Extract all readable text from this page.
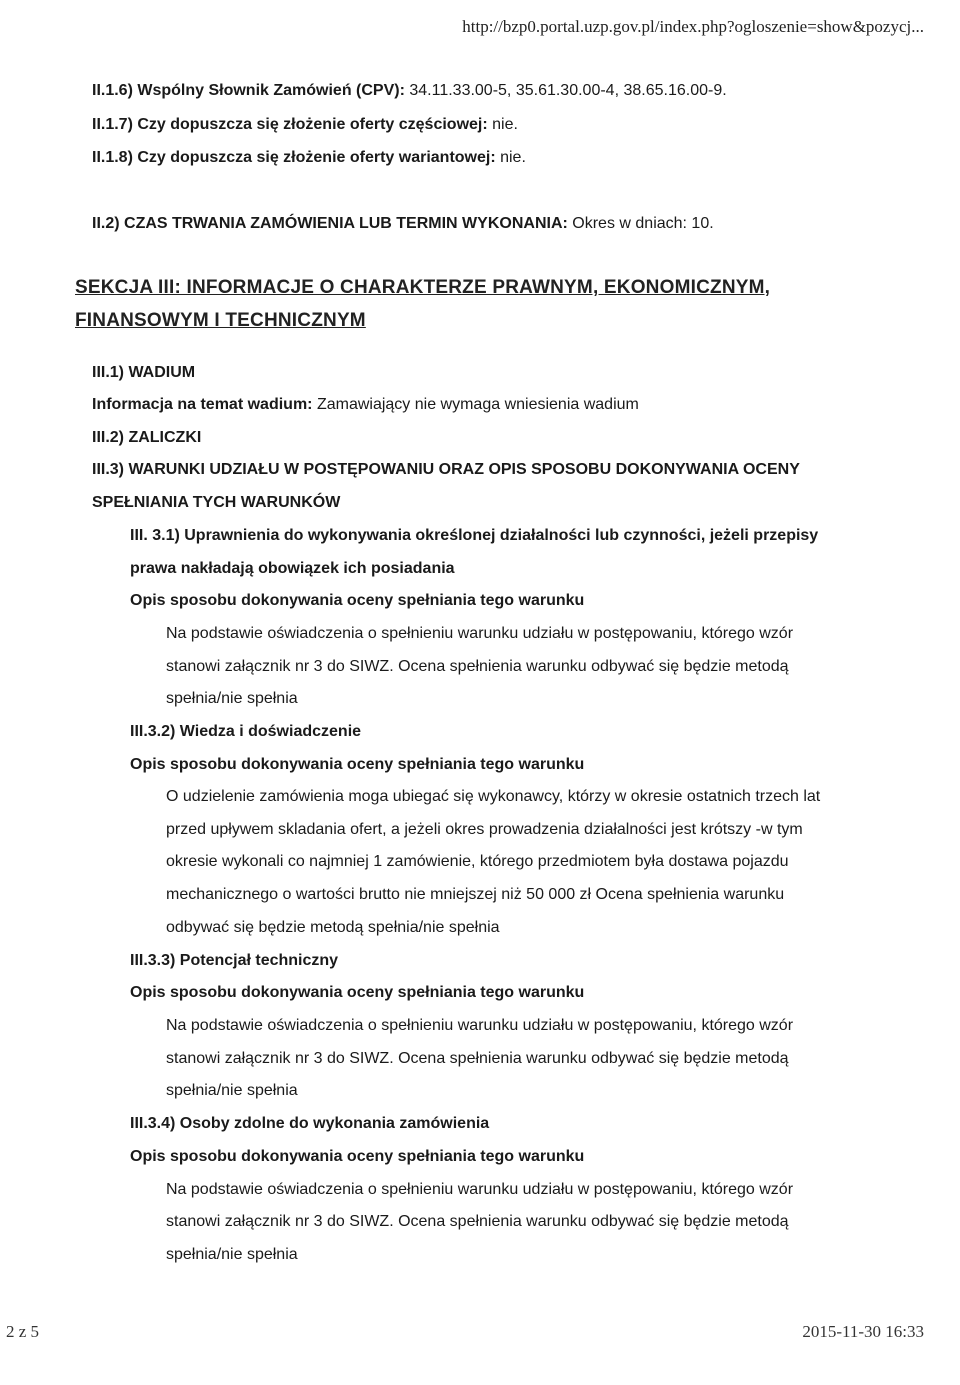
http://bzp0.portal.uzp.gov.pl/index.php?ogloszenie=show&pozycj...
II.1.6) Wspólny Słownik Zamówień (CPV): 34.11.33.00-5, 35.61.30.00-4, 38.65.16.00-9.
II.1.7) Czy dopuszcza się złożenie oferty częściowej: nie.
II.1.8) Czy dopuszcza się złożenie oferty wariantowej: nie.
II.2) CZAS TRWANIA ZAMÓWIENIA LUB TERMIN WYKONANIA: Okres w dniach: 10.
SEKCJA III: INFORMACJE O CHARAKTERZE PRAWNYM, EKONOMICZNYM,
FINANSOWYM I TECHNICZNYM
III.1) WADIUM
Informacja na temat wadium: Zamawiający nie wymaga wniesienia wadium
III.2) ZALICZKI
III.3) WARUNKI UDZIAŁU W POSTĘPOWANIU ORAZ OPIS SPOSOBU DOKONYWANIA OCENY
SPEŁNIANIA TYCH WARUNKÓW
III. 3.1) Uprawnienia do wykonywania określonej działalności lub czynności, jeżeli przepisy
prawa nakładają obowiązek ich posiadania
Opis sposobu dokonywania oceny spełniania tego warunku
Na podstawie oświadczenia o spełnieniu warunku udziału w postępowaniu, którego wzór
stanowi załącznik nr 3 do SIWZ. Ocena spełnienia warunku odbywać się będzie metodą
spełnia/nie spełnia
III.3.2) Wiedza i doświadczenie
Opis sposobu dokonywania oceny spełniania tego warunku
O udzielenie zamówienia moga ubiegać się wykonawcy, którzy w okresie ostatnich trzech lat
przed upływem skladania ofert, a jeżeli okres prowadzenia działalności jest krótszy -w tym
okresie wykonali co najmniej 1 zamówienie, którego przedmiotem była dostawa pojazdu
mechanicznego o wartości brutto nie mniejszej niż 50 000 zł Ocena spełnienia warunku
odbywać się będzie metodą spełnia/nie spełnia
III.3.3) Potencjał techniczny
Opis sposobu dokonywania oceny spełniania tego warunku
Na podstawie oświadczenia o spełnieniu warunku udziału w postępowaniu, którego wzór
stanowi załącznik nr 3 do SIWZ. Ocena spełnienia warunku odbywać się będzie metodą
spełnia/nie spełnia
III.3.4) Osoby zdolne do wykonania zamówienia
Opis sposobu dokonywania oceny spełniania tego warunku
Na podstawie oświadczenia o spełnieniu warunku udziału w postępowaniu, którego wzór
stanowi załącznik nr 3 do SIWZ. Ocena spełnienia warunku odbywać się będzie metodą
spełnia/nie spełnia
2 z 5	2015-11-30 16:33
